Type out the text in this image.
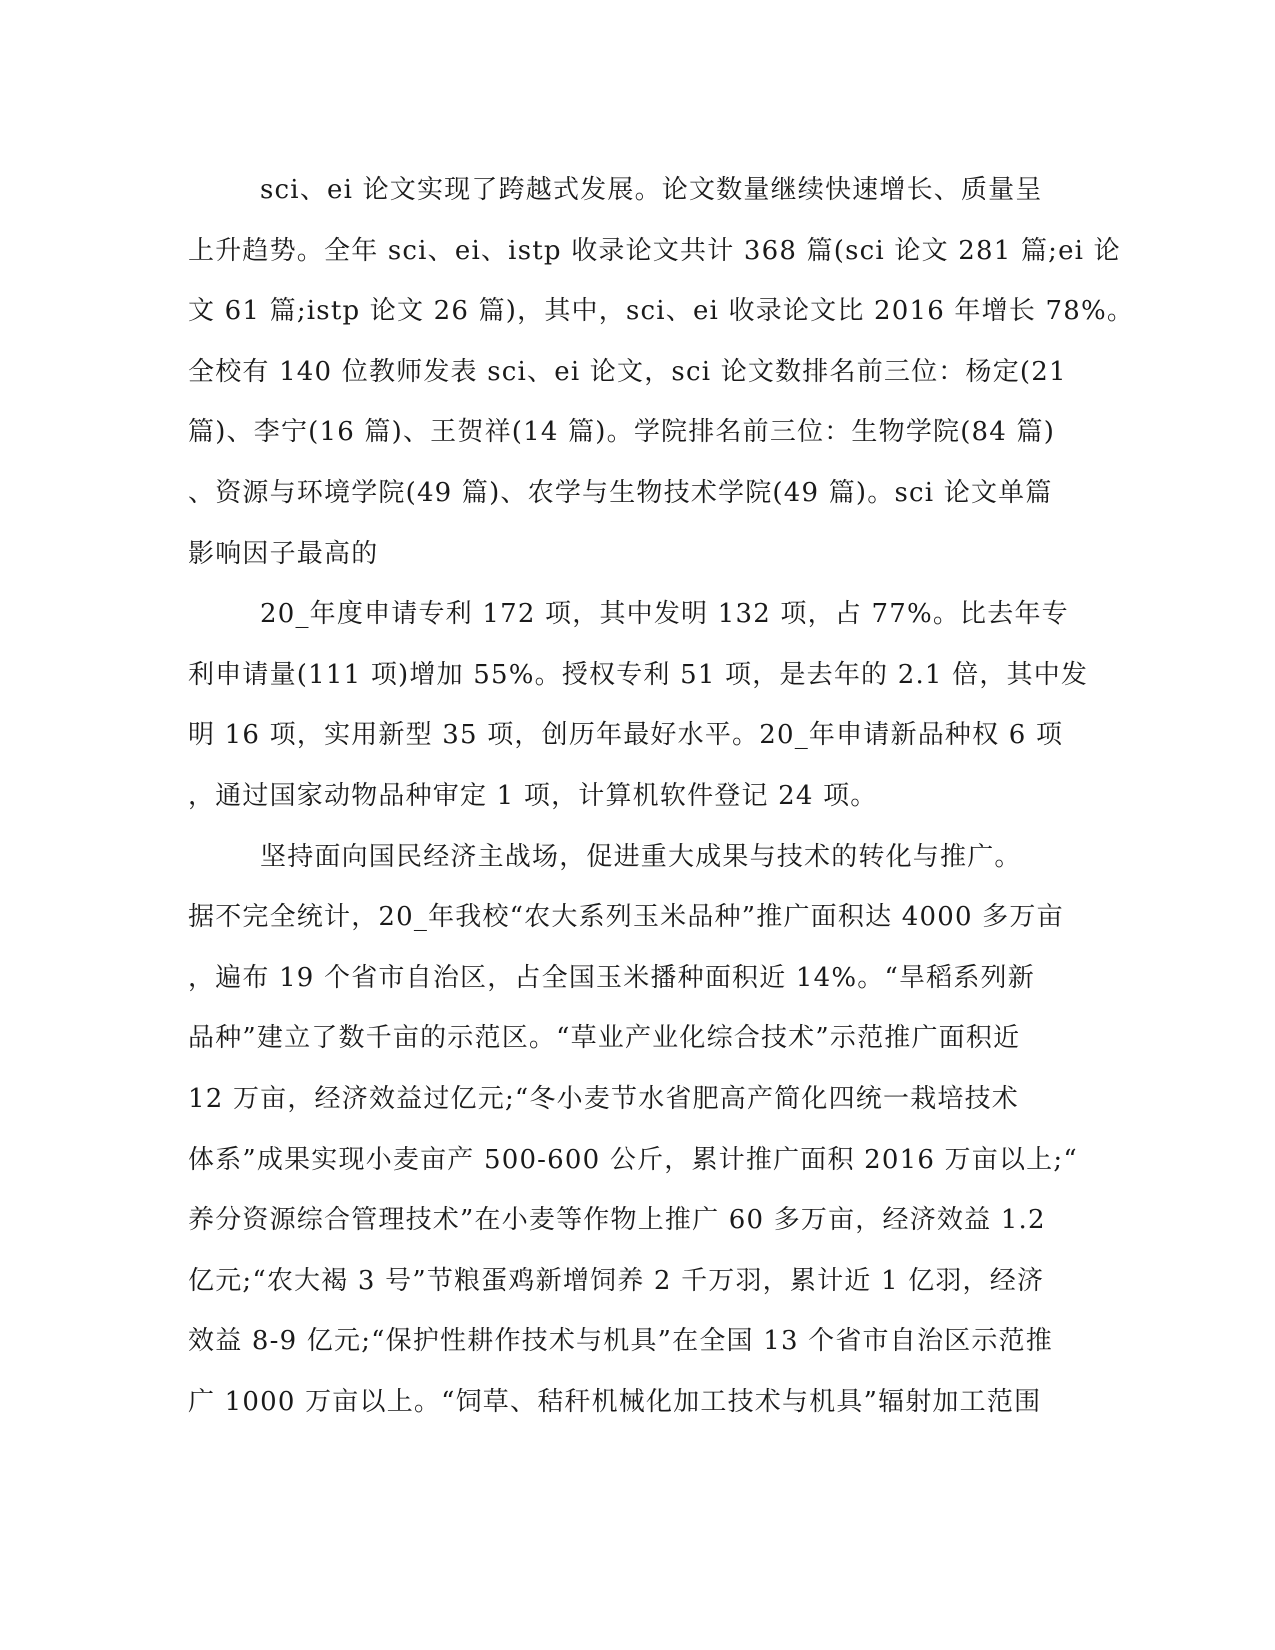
sci、ei 论文实现了跨越式发展。论文数量继续快速增长、质量呈
上升趋势。全年 sci、ei、istp 收录论文共计 368 篇(sci 论文 281 篇;ei 论
文 61 篇;istp 论文 26 篇)，其中，sci、ei 收录论文比 2016 年增长 78%。
全校有 140 位教师发表 sci、ei 论文，sci 论文数排名前三位：杨定(21
篇)、李宁(16 篇)、王贺祥(14 篇)。学院排名前三位：生物学院(84 篇)
、资源与环境学院(49 篇)、农学与生物技术学院(49 篇)。sci 论文单篇
影响因子最高的
20_年度申请专利 172 项，其中发明 132 项，占 77%。比去年专
利申请量(111 项)增加 55%。授权专利 51 项，是去年的 2.1 倍，其中发
明 16 项，实用新型 35 项，创历年最好水平。20_年申请新品种权 6 项
，通过国家动物品种审定 1 项，计算机软件登记 24 项。
坚持面向国民经济主战场，促进重大成果与技术的转化与推广。
据不完全统计，20_年我校“农大系列玉米品种”推广面积达 4000 多万亩
，遍布 19 个省市自治区，占全国玉米播种面积近 14%。“旱稻系列新
品种”建立了数千亩的示范区。“草业产业化综合技术”示范推广面积近
12 万亩，经济效益过亿元;“冬小麦节水省肥高产简化四统一栽培技术
体系”成果实现小麦亩产 500-600 公斤，累计推广面积 2016 万亩以上;“
养分资源综合管理技术”在小麦等作物上推广 60 多万亩，经济效益 1.2
亿元;“农大褐 3 号”节粮蛋鸡新增饲养 2 千万羽，累计近 1 亿羽，经济
效益 8-9 亿元;“保护性耕作技术与机具”在全国 13 个省市自治区示范推
广 1000 万亩以上。“饲草、秸秆机械化加工技术与机具”辐射加工范围
